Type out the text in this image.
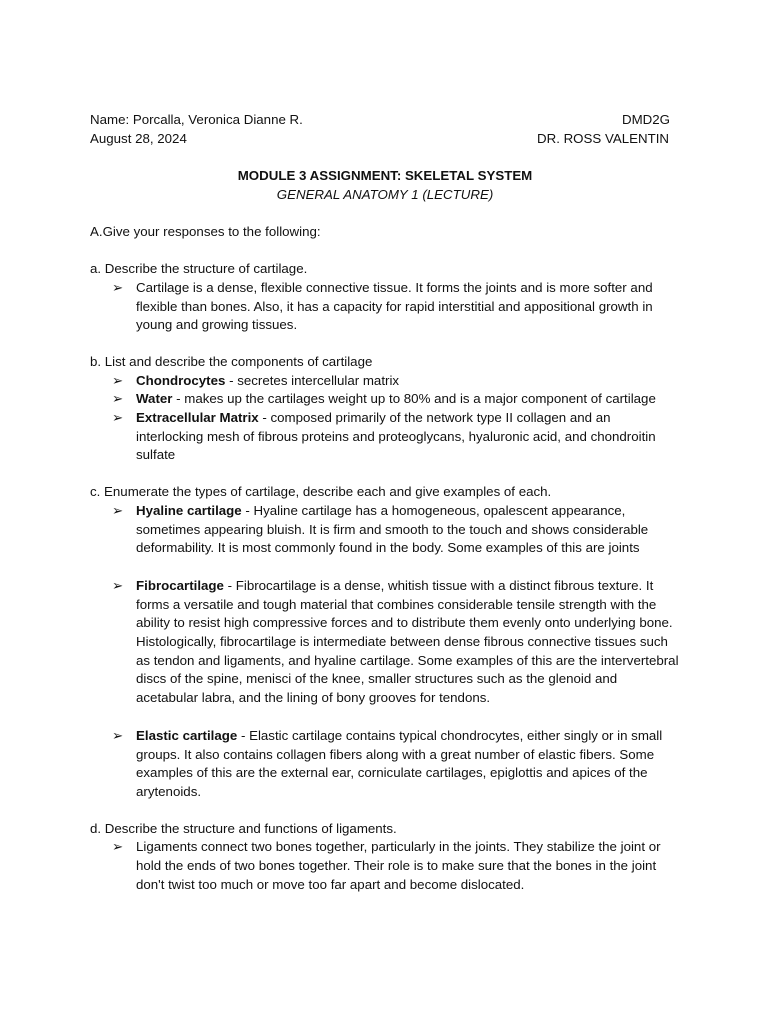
Name: Porcalla, Veronica Dianne R.	DMD2G
August 28, 2024	DR. ROSS VALENTIN
MODULE 3 ASSIGNMENT: SKELETAL SYSTEM
GENERAL ANATOMY 1 (LECTURE)
A.Give your responses to the following:
a. Describe the structure of cartilage.
➢ Cartilage is a dense, flexible connective tissue. It forms the joints and is more softer and flexible than bones. Also, it has a capacity for rapid interstitial and appositional growth in young and growing tissues.
b. List and describe the components of cartilage
➢ Chondrocytes - secretes intercellular matrix
➢ Water - makes up the cartilages weight up to 80% and is a major component of cartilage
➢ Extracellular Matrix - composed primarily of the network type II collagen and an interlocking mesh of fibrous proteins and proteoglycans, hyaluronic acid, and chondroitin sulfate
c. Enumerate the types of cartilage, describe each and give examples of each.
➢ Hyaline cartilage - Hyaline cartilage has a homogeneous, opalescent appearance, sometimes appearing bluish. It is firm and smooth to the touch and shows considerable deformability. It is most commonly found in the body. Some examples of this are joints
➢ Fibrocartilage - Fibrocartilage is a dense, whitish tissue with a distinct fibrous texture. It forms a versatile and tough material that combines considerable tensile strength with the ability to resist high compressive forces and to distribute them evenly onto underlying bone. Histologically, fibrocartilage is intermediate between dense fibrous connective tissues such as tendon and ligaments, and hyaline cartilage. Some examples of this are the intervertebral discs of the spine, menisci of the knee, smaller structures such as the glenoid and acetabular labra, and the lining of bony grooves for tendons.
➢ Elastic cartilage - Elastic cartilage contains typical chondrocytes, either singly or in small groups. It also contains collagen fibers along with a great number of elastic fibers. Some examples of this are the external ear, corniculate cartilages, epiglottis and apices of the arytenoids.
d. Describe the structure and functions of ligaments.
➢ Ligaments connect two bones together, particularly in the joints. They stabilize the joint or hold the ends of two bones together. Their role is to make sure that the bones in the joint don't twist too much or move too far apart and become dislocated.
